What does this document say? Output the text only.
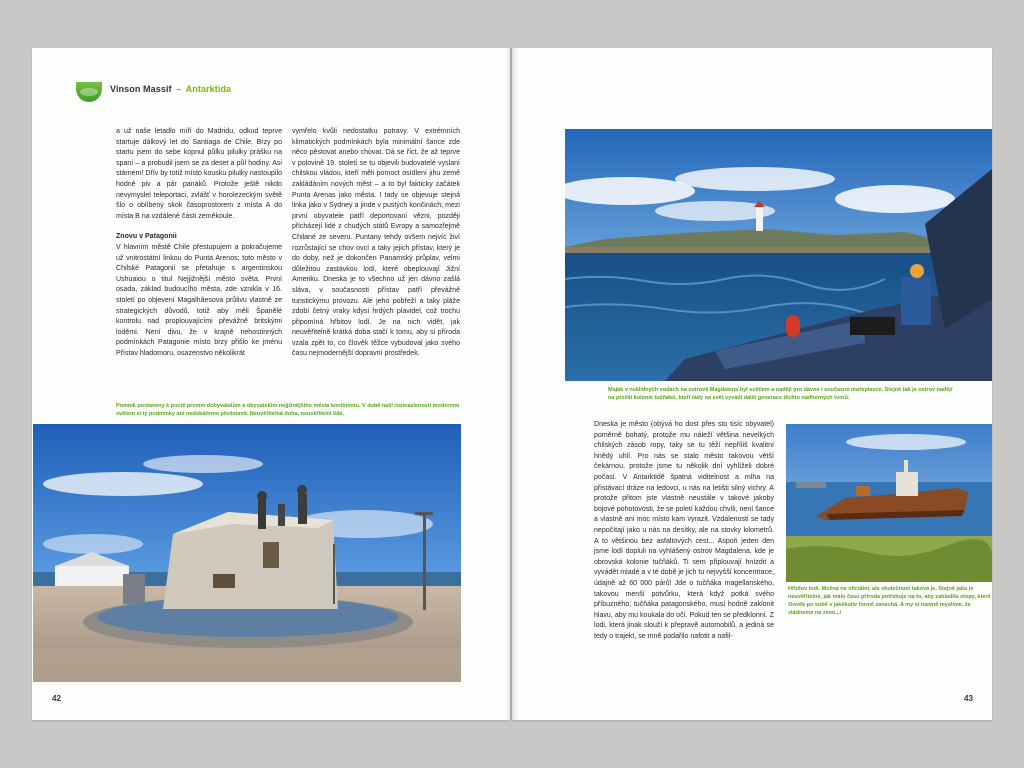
Vinson Massif – Antarktida

a už naše letadlo míří do Madridu, odkud teprve startuje dálkový let do Santiaga de Chile. Brzy po startu jsem do sebe kopnul půlku pilulky prášku na spaní – a probudil jsem se za deset a půl hodiny. Asi stárnem! Dřív by totiž místo kousku pilulky nastoupilo hodně piv a pár panáků. Protože ještě nikdo nevymyslel teleportaci, zvlášť v horolezeckým světě šlo o oblíbený skok časoprostorem z místa A do místa B na vzdálené části zeměkoule.

Znovu v Patagonii

V hlavním městě Chile přestupujem a pokračujeme už vnitrostátní linkou do Punta Arenos; toto město v Chilské Patagonii se přetahuje s argentinskou Ushuaiou o titul Nejjižnější město světa. První osada, základ budoucího města, zde vznikla v 16. století po objevení Magalhãesova průlivu vlastně ze strategických důvodů, totiž aby měli Španělé kontrolu nad proplouvajícími převážně britskými loděmi. Není divu, že v krajně nehostinných podmínkách Patagonie místo brzy přišlo ke jménu Přístav hladomoru, osazenstvo několikrát

vymřelo kvůli nedostatku potravy. V extrémních klimatických podmínkách byla minimální šance zde něco pěstovat anebo chovat. Dá se říct, že až teprve v polovině 19. století se tu objevili budovatelé vyslaní chilskou vládou, kteří měli pomoct osídlení jihu země zakládáním nových měst – a to byl fakticky začátek Punta Arenas jako města. I tady se objevuje stejná linka jako v Sydney a jinde v pustých končinách; mezi první obyvatele patří deportovaní vězni, později přicházejí lidé z chudých států Evropy a samozřejmě Chilané ze severu. Puntany tehdy ovšem nejvíc živí rozrůstající se chov ovcí a taky jejich přístav, který je do doby, než je dokončen Panamský průplav, velmi důležitou zastávkou lodí, které obeplouvají Jižní Ameriku. Dneska je to všechno už jen dávno zašlá sláva, v současnosti přístav patří převážně turistickýmu provozu. Ale jeho pobřeží a taky pláže zdobí četný vraky kdysi hrdých plavidel, což trochu připomíná hřbitov lodí. Je na nich vidět, jak neuvěřitelně krátká doba stačí k tomu, aby si příroda vzala zpět to, co člověk těžce vybudoval jako svého času nejmodernější dopravní prostředek.

Pomník postavený k poctě prvním dobyvatelům a obyvatelům nejjižnějšího města kontinentu. V době naší rozmazlenosti moderním světem si ty podmínky ani nedokážeme představit. Neuvěřitelná doba, neuvěřitelní lidé.
42
Maják v neklidných vodách na ostrově Magdalena byl světlem a nadějí pro dávné i současné mořeplavce. Stejně tak je ostrov nadějí na přežití kolonie tučňáků, kteří tady na svět vyvádí další generace těchto nádherných tvorů.

Dneska je město (obývá ho dost přes sto tisíc obyvatel) poměrně bohatý, protože mu náleží většina nevelkých chilských zásob ropy, taky se tu těží nepříliš kvalitní hnědý uhlí. Pro nás se stalo město takovou větší čekárnou, protože jsme tu několik dní vyhlíželi dobré počasí. V Antarktidě špatná viditelnost a mlha na přistávací dráze na ledovci, u nás na letišti silný vichry. A protože přitom jste vlastně neustále v takové jakoby bojové pohotovosti, že se poletí každou chvíli, není šance a vlastně ani moc místo kam vyrazit. Vzdálenosti se tady nepočítají jako u nás na desítky, ale na stovky kilometrů. A to většinou bez asfaltových cest... Aspoň jeden den jsme lodí dopluli na vyhlášený ostrov Magdalena, kde je obrovská kolonie tučňáků. Ti sem připlouvají hnízdit a vyvádět mladé a v té době je jich tu nejvyšší koncentrace, údajně až 60 000 párů! Jde o tučňáka magellanského, takovou menší potvůrku, která když potká svého příbuzného, tučňáka patagonského, musí hodně zaklonit hlavu, aby mu koukala do očí. Pokud ten se předklonní. Z lodi, která jinak slouží k přepravě automobilů, a jediná se tedy o trajekt, se mně podařilo nafotit a nafil-

Hřbitov lodí. Možná ne oficiální, ale skutečnost taková je. Stejně jako je neuvěřitelné, jak málo času příroda potřebuje na to, aby zahladila stopy, které člověk po sobě v jakékoliv formě zanechá. A my si naivně myslíme, že vládneme na zemi...!
43
